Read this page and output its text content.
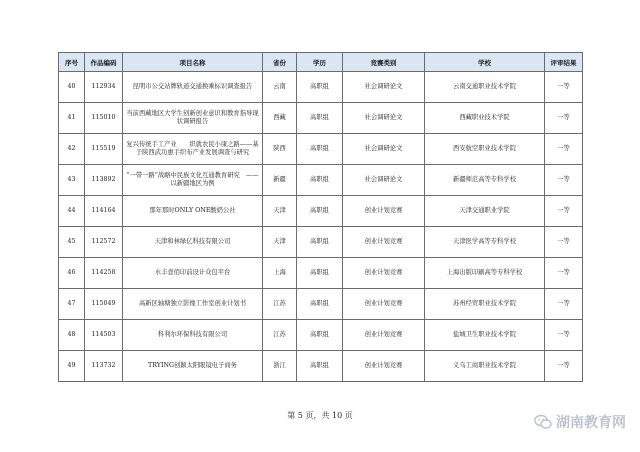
序号	作品编码	项目名称	省份	学历	竞赛类别	学校	评审结果
40	112934	昆明市公交站牌轨道交通换乘标识调查报告	云南	高职组	社会调研论文	云南交通职业技术学院	一等
41	115010	当前西藏地区大学生创新创业意识和教育指导现状调研报告	西藏	高职组	社会调研论文	西藏职业技术学院	一等
42	115519	复兴传统手工产业　　织就农民小康之路——基于陕西武功惠手织布产业发展调查与研究	陕西	高职组	社会调研论文	西安航空职业技术学院	一等
43	113892	“一带一路”战略中民族文化互通教育研究　——以新疆地区为例	新疆	高职组	社会调研论文	新疆师范高等专科学校	一等
44	114164	那年那时ONLY ONE酸奶公社	天津	高职组	创业计划竞赛	天津交通职业学院	一等
45	112572	天津和林绿亿科技有限公司	天津	高职组	创业计划竞赛	天津医学高等专科学校	一等
46	114258	水丰壹佰印前设计众包平台	上海	高职组	创业计划竞赛	上海出版印刷高等专科学校	一等
47	115049	高新区轴塘独立影像工作室创业计划书	江苏	高职组	创业计划竞赛	苏州经贸职业技术学院	一等
48	114503	科利尔环保科技有限公司	江苏	高职组	创业计划竞赛	盐城卫生职业技术学院	一等
49	113732	TRYING创颖太阳眼镜电子商务	浙江	高职组	创业计划竞赛	义乌工商职业技术学院	一等
第 5 页，共 10 页	湖南教育网
